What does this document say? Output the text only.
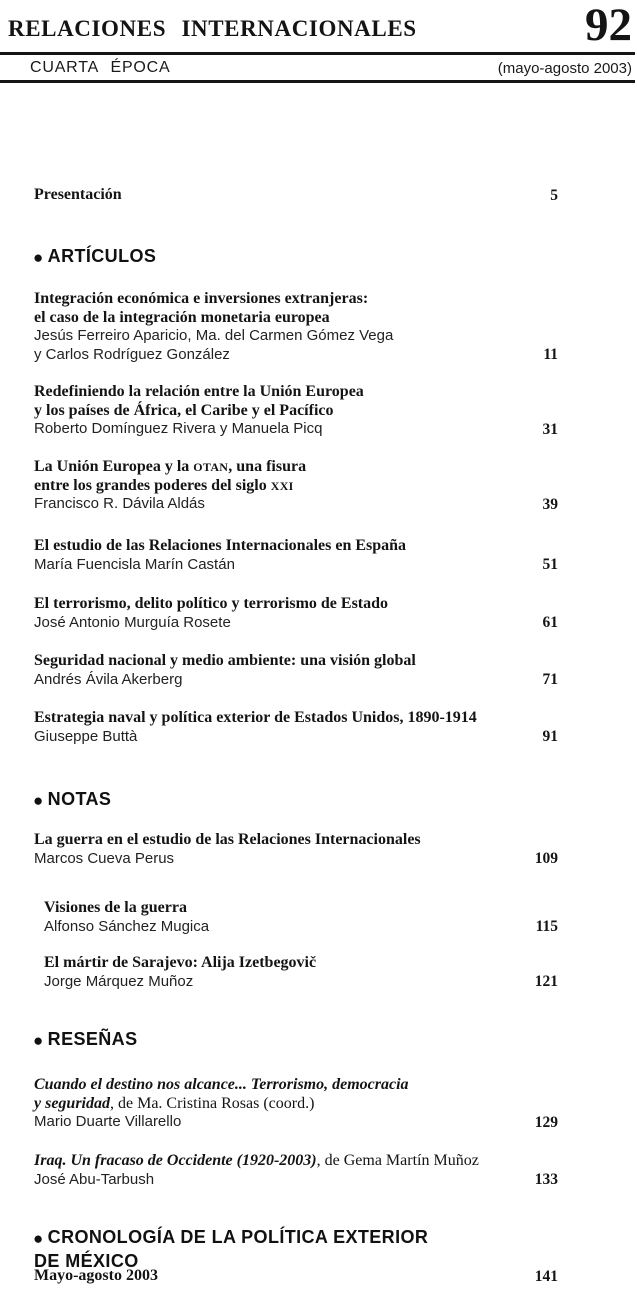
RELACIONES INTERNACIONALES	92
CUARTA ÉPOCA	(mayo-agosto 2003)
Presentación	5
● ARTÍCULOS
Integración económica e inversiones extranjeras:
el caso de la integración monetaria europea
Jesús Ferreiro Aparicio, Ma. del Carmen Gómez Vega
y Carlos Rodríguez González	11
Redefiniendo la relación entre la Unión Europea
y los países de África, el Caribe y el Pacífico
Roberto Domínguez Rivera y Manuela Picq	31
La Unión Europea y la OTAN, una fisura
entre los grandes poderes del siglo XXI
Francisco R. Dávila Aldás	39
El estudio de las Relaciones Internacionales en España
María Fuencisla Marín Castán	51
El terrorismo, delito político y terrorismo de Estado
José Antonio Murguía Rosete	61
Seguridad nacional y medio ambiente: una visión global
Andrés Ávila Akerberg	71
Estrategia naval y política exterior de Estados Unidos, 1890-1914
Giuseppe Buttà	91
● NOTAS
La guerra en el estudio de las Relaciones Internacionales
Marcos Cueva Perus	109
Visiones de la guerra
Alfonso Sánchez Mugica	115
El mártir de Sarajevo: Alija Izetbegovič
Jorge Márquez Muñoz	121
● RESEÑAS
Cuando el destino nos alcance... Terrorismo, democracia
y seguridad, de Ma. Cristina Rosas (coord.)
Mario Duarte Villarello	129
Iraq. Un fracaso de Occidente (1920-2003), de Gema Martín Muñoz
José Abu-Tarbush	133
● CRONOLOGÍA DE LA POLÍTICA EXTERIOR
DE MÉXICO
Mayo-agosto 2003	141
